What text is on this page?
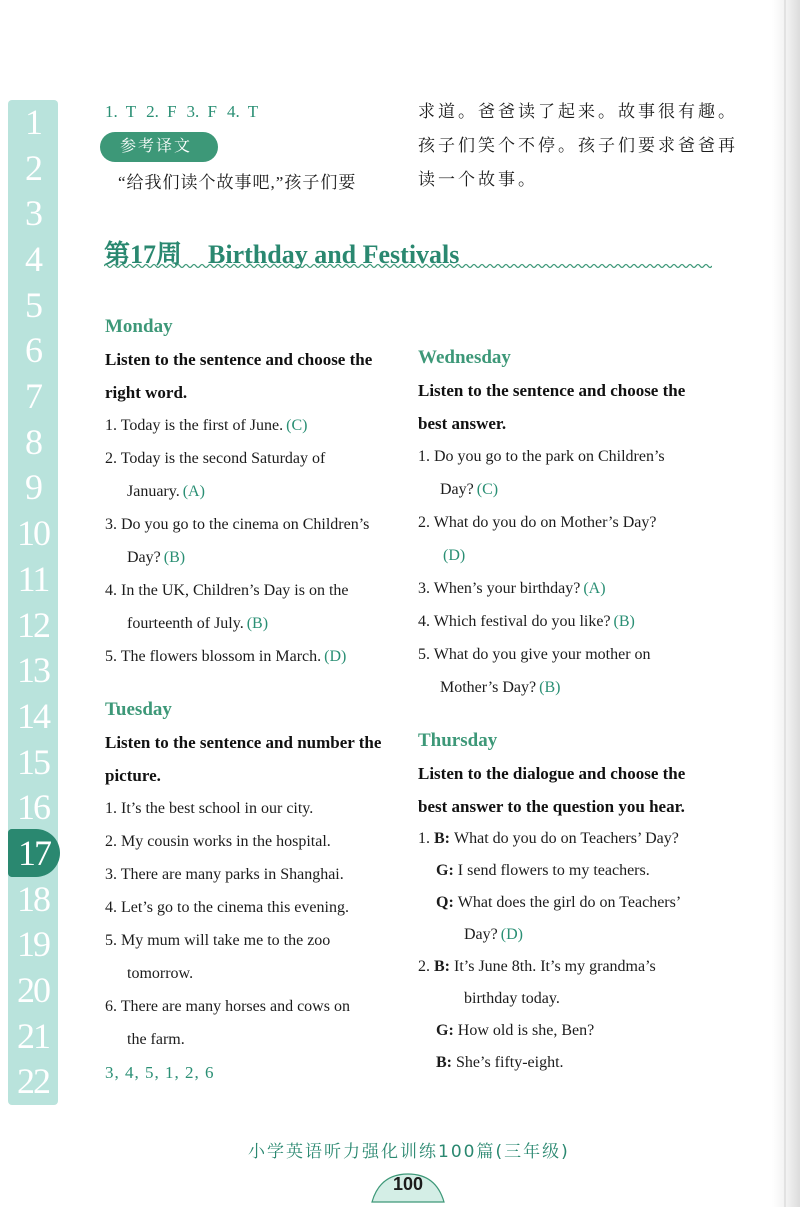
1
2
3
4
5
6
7
8
9
10
11
12
13
14
15
16
18
19
20
21
22
17
1. T 2. F 3. F 4. T
参考译文
“给我们读个故事吧,”孩子们要
求道。爸爸读了起来。故事很有趣。
孩子们笑个不停。孩子们要求爸爸再
读一个故事。
第17周 Birthday and Festivals
Monday
Listen to the sentence and choose the
right word.
1. Today is the first of June. (C)
2. Today is the second Saturday of
January. (A)
3. Do you go to the cinema on Children’s
Day? (B)
4. In the UK, Children’s Day is on the
fourteenth of July. (B)
5. The flowers blossom in March. (D)
Tuesday
Listen to the sentence and number the
picture.
1. It’s the best school in our city.
2. My cousin works in the hospital.
3. There are many parks in Shanghai.
4. Let’s go to the cinema this evening.
5. My mum will take me to the zoo
tomorrow.
6. There are many horses and cows on
the farm.
3, 4, 5, 1, 2, 6
Wednesday
Listen to the sentence and choose the
best answer.
1. Do you go to the park on Children’s
Day? (C)
2. What do you do on Mother’s Day?
(D)
3. When’s your birthday? (A)
4. Which festival do you like? (B)
5. What do you give your mother on
Mother’s Day? (B)
Thursday
Listen to the dialogue and choose the
best answer to the question you hear.
1. B: What do you do on Teachers’ Day?
G: I send flowers to my teachers.
Q: What does the girl do on Teachers’
Day? (D)
2. B: It’s June 8th. It’s my grandma’s
birthday today.
G: How old is she, Ben?
B: She’s fifty-eight.
小学英语听力强化训练100篇(三年级)
100
